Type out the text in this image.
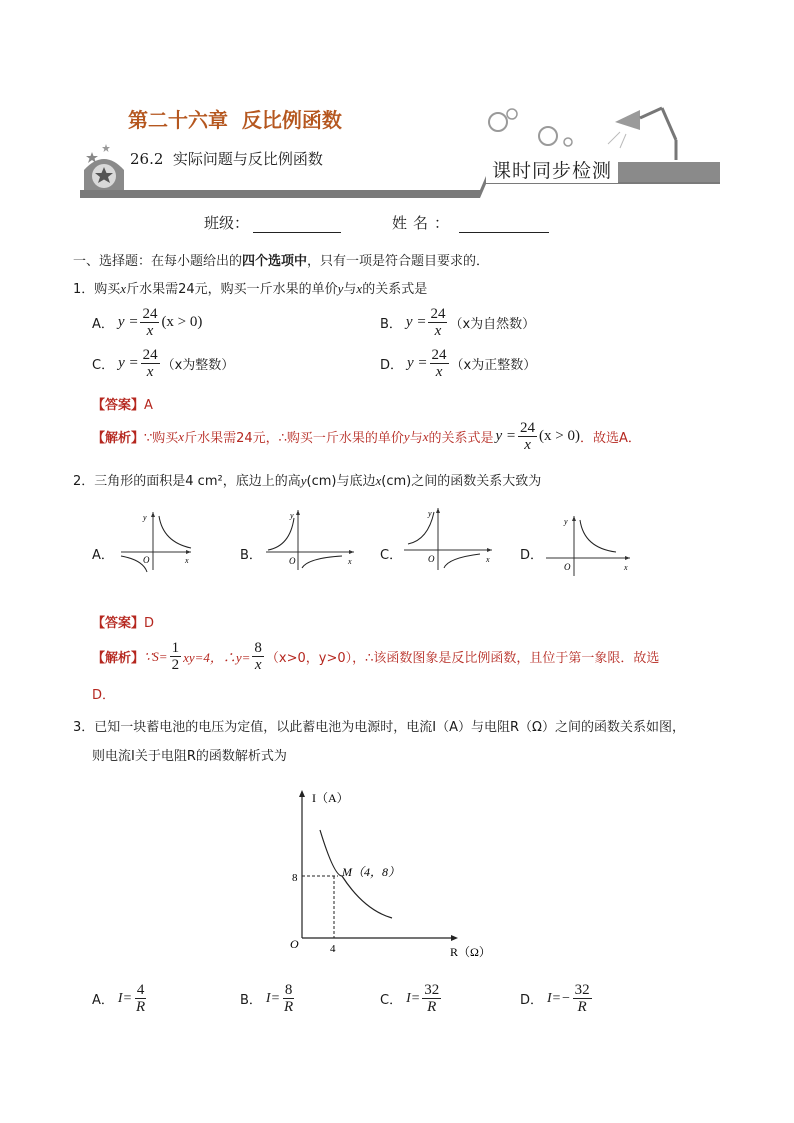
第二十六章  反比例函数
26.2  实际问题与反比例函数
课时同步检测
班级：	姓名：
一、选择题：在每小题给出的四个选项中，只有一项是符合题目要求的．
1．购买x斤水果需24元，购买一斤水果的单价y与x的关系式是
A． $y = \frac{24}{x} (x > 0)$	B． $y = \frac{24}{x} (x$为自然数）
C． $y = \frac{24}{x} (x$为整数）	D． $y = \frac{24}{x} (x$为正整数）
【答案】A
【解析】 ∵购买 x 斤水果需24元，∴购买一斤水果的单价 y 与 x 的关系式是 $y = \frac{24}{x} (x > 0)$ ．故选A．
2．三角形的面积是4 cm²，底边上的高y(cm)与底边x(cm)之间的函数关系大致为
A．	B．	C．	D．
y
x
O
y
x
O
y
x
O
y
x
O
【答案】D
【解析】 ∵S= $\frac{1}{2} xy=4$，∴y= $\frac{8}{x} (x>0$，y>0），∴该函数图象是反比例函数，且位于第一象限．故选
D．
3．已知一块蓄电池的电压为定值，以此蓄电池为电源时，电流I（A）与电阻R（Ω）之间的函数关系如图，
则电流I关于电阻R的函数解析式为
I（A）
R（Ω）
M（4，8）
8
4
O
A． $I= \frac{4}{R}$	B． $I= \frac{8}{R}$	C． $I= \frac{32}{R}$	D． $I=- \frac{32}{R}$
